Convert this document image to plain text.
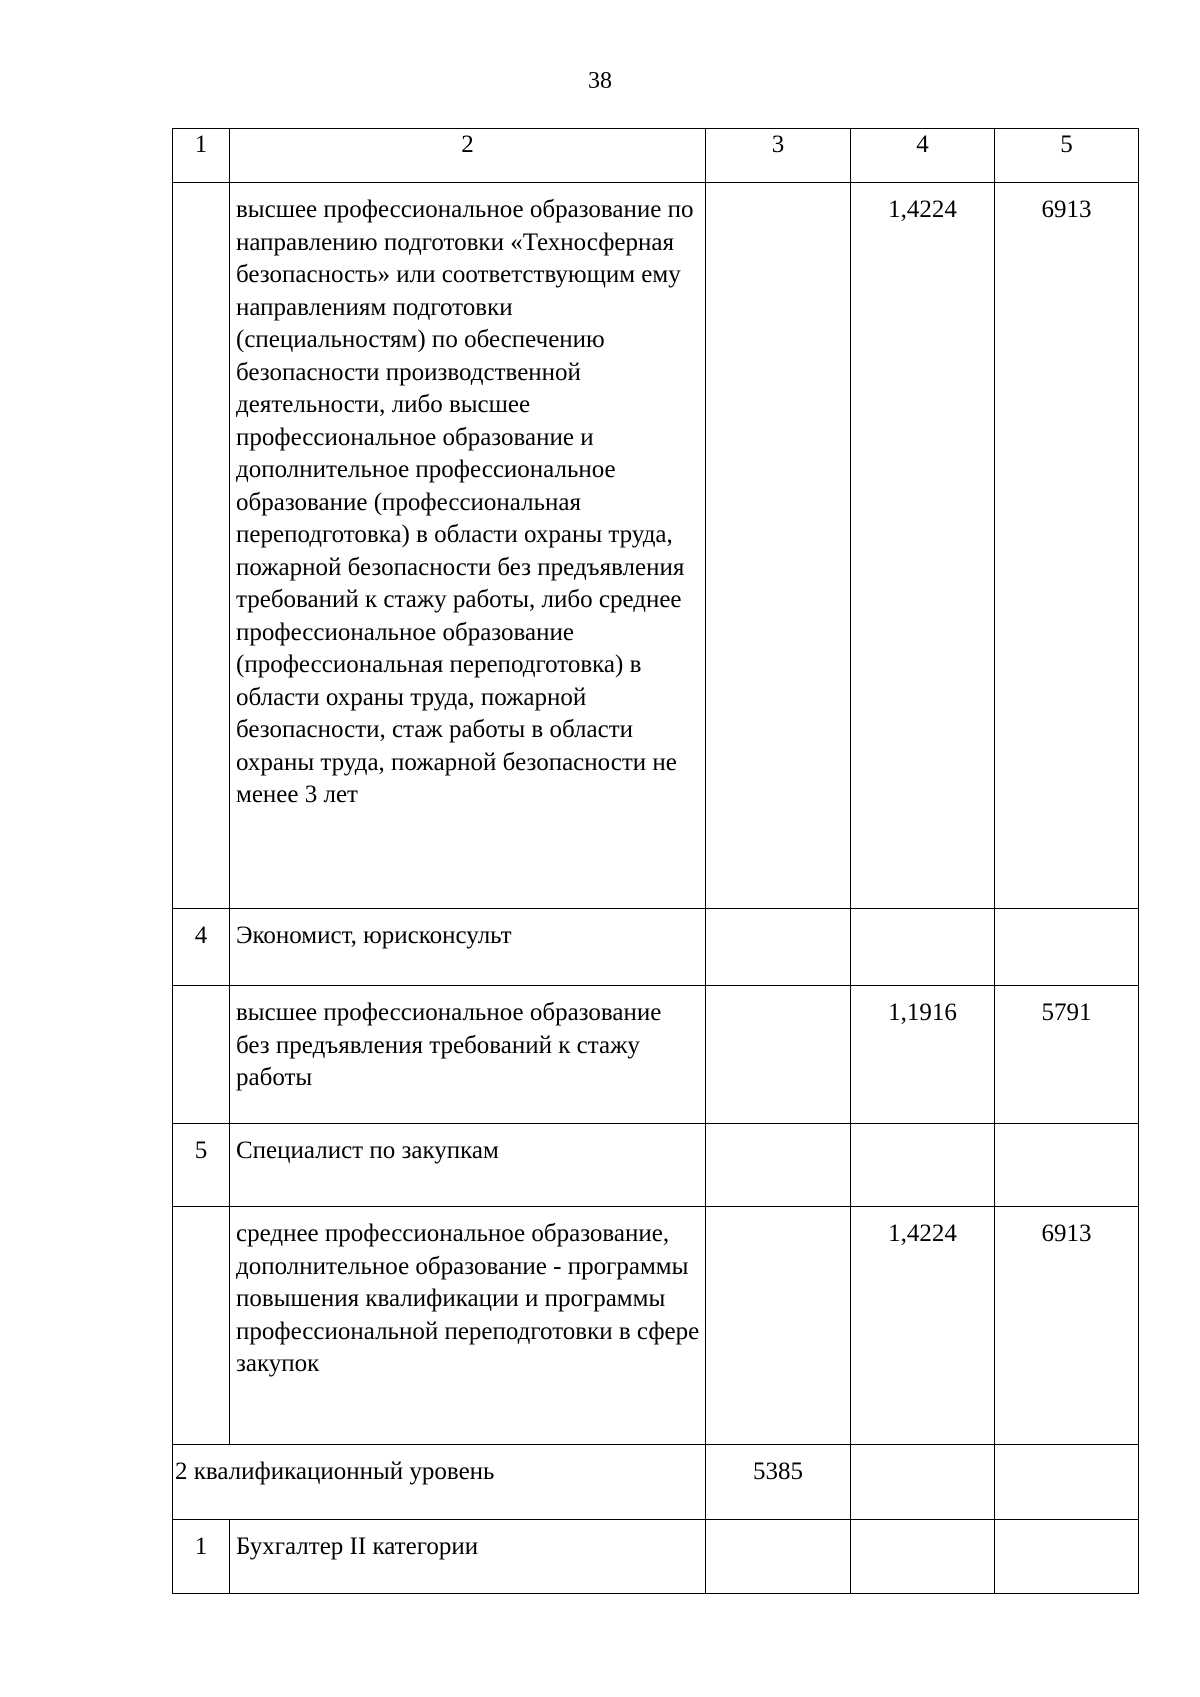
38
1	2	3	4	5
	высшее профессиональное образование по направлению подготовки «Техносферная безопасность» или соответствующим ему направлениям подготовки (специальностям) по обеспечению безопасности производственной деятельности, либо высшее профессиональное образование и дополнительное профессиональное образование (профессиональная переподготовка) в области охраны труда, пожарной безопасности без предъявления требований к стажу работы, либо среднее профессиональное образование (профессиональная переподготовка) в области охраны труда, пожарной безопасности, стаж работы в области охраны труда, пожарной безопасности не менее 3 лет		1,4224	6913
4	Экономист, юрисконсульт			
	высшее профессиональное образование без предъявления требований к стажу работы		1,1916	5791
5	Специалист по закупкам			
	среднее профессиональное образование, дополнительное образование - программы повышения квалификации и программы профессиональной переподготовки в сфере закупок		1,4224	6913
2 квалификационный уровень		5385		
1	Бухгалтер II категории			
